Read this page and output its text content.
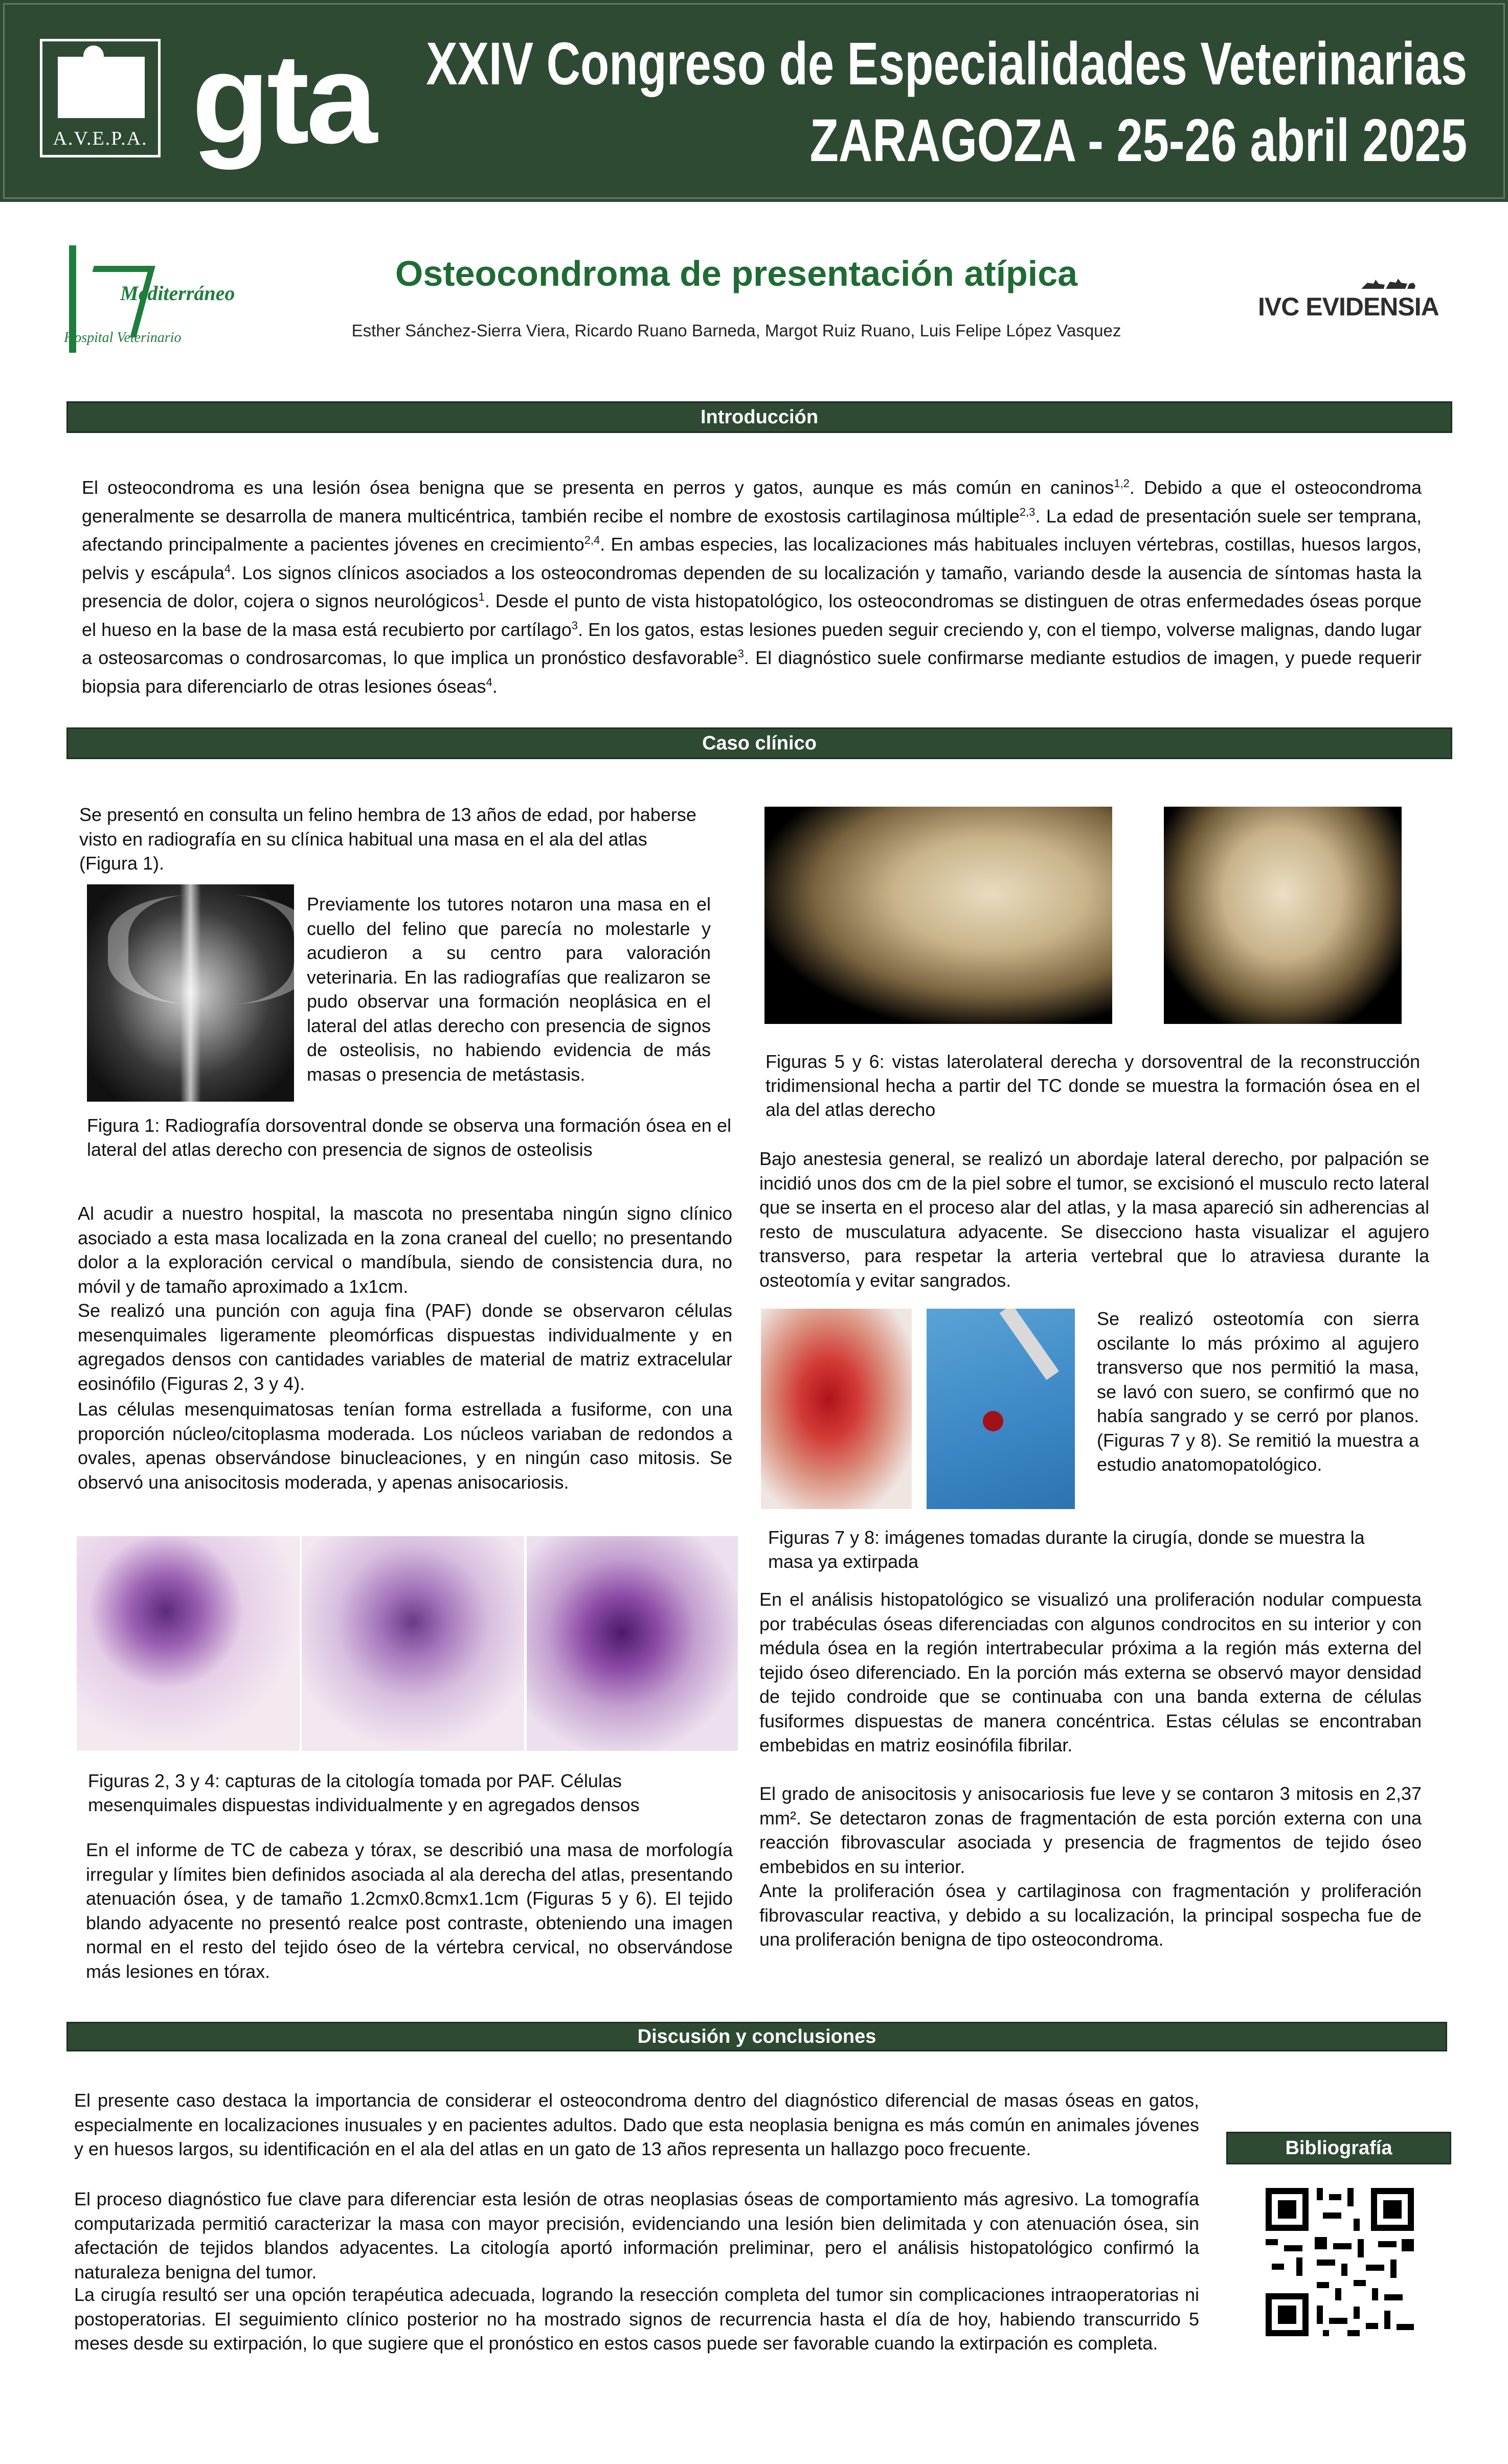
A.V.E.P.A. gta XXIV Congreso de Especialidades Veterinarias
ZARAGOZA - 25-26 abril 2025
Mediterráneo
Hospital Veterinario
IVC EVIDENSIA
Osteocondroma de presentación atípica
Esther Sánchez-Sierra Viera, Ricardo Ruano Barneda, Margot Ruiz Ruano, Luis Felipe López Vasquez
Introducción
El osteocondroma es una lesión ósea benigna que se presenta en perros y gatos, aunque es más común en caninos$^{1,2}$. Debido a que el osteocondroma generalmente se desarrolla de manera multicéntrica, también recibe el nombre de exostosis cartilaginosa múltiple$^{2,3}$. La edad de presentación suele ser temprana, afectando principalmente a pacientes jóvenes en crecimiento$^{2,4}$. En ambas especies, las localizaciones más habituales incluyen vértebras, costillas, huesos largos, pelvis y escápula$^4$. Los signos clínicos asociados a los osteocondromas dependen de su localización y tamaño, variando desde la ausencia de síntomas hasta la presencia de dolor, cojera o signos neurológicos$^1$. Desde el punto de vista histopatológico, los osteocondromas se distinguen de otras enfermedades óseas porque el hueso en la base de la masa está recubierto por cartílago$^3$. En los gatos, estas lesiones pueden seguir creciendo y, con el tiempo, volverse malignas, dando lugar a osteosarcomas o condrosarcomas, lo que implica un pronóstico desfavorable$^3$. El diagnóstico suele confirmarse mediante estudios de imagen, y puede requerir biopsia para diferenciarlo de otras lesiones óseas$^4$.
Caso clínico
Se presentó en consulta un felino hembra de 13 años de edad, por haberse visto en radiografía en su clínica habitual una masa en el ala del atlas (Figura 1).
Previamente los tutores notaron una masa en el cuello del felino que parecía no molestarle y acudieron a su centro para valoración veterinaria. En las radiografías que realizaron se pudo observar una formación neoplásica en el lateral del atlas derecho con presencia de signos de osteolisis, no habiendo evidencia de más masas o presencia de metástasis.
Figura 1: Radiografía dorsoventral donde se observa una formación ósea en el lateral del atlas derecho con presencia de signos de osteolisis
Al acudir a nuestro hospital, la mascota no presentaba ningún signo clínico asociado a esta masa localizada en la zona craneal del cuello; no presentando dolor a la exploración cervical o mandíbula, siendo de consistencia dura, no móvil y de tamaño aproximado a 1x1cm.
Se realizó una punción con aguja fina (PAF) donde se observaron células mesenquimales ligeramente pleomórficas dispuestas individualmente y en agregados densos con cantidades variables de material de matriz extracelular eosinófilo (Figuras 2, 3 y 4).
Las células mesenquimatosas tenían forma estrellada a fusiforme, con una proporción núcleo/citoplasma moderada. Los núcleos variaban de redondos a ovales, apenas observándose binucleaciones, y en ningún caso mitosis. Se observó una anisocitosis moderada, y apenas anisocariosis.
Figuras 2, 3 y 4: capturas de la citología tomada por PAF. Células mesenquimales dispuestas individualmente y en agregados densos
En el informe de TC de cabeza y tórax, se describió una masa de morfología irregular y límites bien definidos asociada al ala derecha del atlas, presentando atenuación ósea, y de tamaño 1.2cmx0.8cmx1.1cm (Figuras 5 y 6). El tejido blando adyacente no presentó realce post contraste, obteniendo una imagen normal en el resto del tejido óseo de la vértebra cervical, no observándose más lesiones en tórax.
Figuras 5 y 6: vistas laterolateral derecha y dorsoventral de la reconstrucción tridimensional hecha a partir del TC donde se muestra la formación ósea en el ala del atlas derecho
Bajo anestesia general, se realizó un abordaje lateral derecho, por palpación se incidió unos dos cm de la piel sobre el tumor, se excisionó el musculo recto lateral que se inserta en el proceso alar del atlas, y la masa apareció sin adherencias al resto de musculatura adyacente. Se disecciono hasta visualizar el agujero transverso, para respetar la arteria vertebral que lo atraviesa durante la osteotomía y evitar sangrados.
Se realizó osteotomía con sierra oscilante lo más próximo al agujero transverso que nos permitió la masa, se lavó con suero, se confirmó que no había sangrado y se cerró por planos. (Figuras 7 y 8). Se remitió la muestra a estudio anatomopatológico.
Figuras 7 y 8: imágenes tomadas durante la cirugía, donde se muestra la masa ya extirpada
En el análisis histopatológico se visualizó una proliferación nodular compuesta por trabéculas óseas diferenciadas con algunos condrocitos en su interior y con médula ósea en la región intertrabecular próxima a la región más externa del tejido óseo diferenciado. En la porción más externa se observó mayor densidad de tejido condroide que se continuaba con una banda externa de células fusiformes dispuestas de manera concéntrica. Estas células se encontraban embebidas en matriz eosinófila fibrilar.
El grado de anisocitosis y anisocariosis fue leve y se contaron 3 mitosis en 2,37 mm². Se detectaron zonas de fragmentación de esta porción externa con una reacción fibrovascular asociada y presencia de fragmentos de tejido óseo embebidos en su interior.
Ante la proliferación ósea y cartilaginosa con fragmentación y proliferación fibrovascular reactiva, y debido a su localización, la principal sospecha fue de una proliferación benigna de tipo osteocondroma.
Discusión y conclusiones
El presente caso destaca la importancia de considerar el osteocondroma dentro del diagnóstico diferencial de masas óseas en gatos, especialmente en localizaciones inusuales y en pacientes adultos. Dado que esta neoplasia benigna es más común en animales jóvenes y en huesos largos, su identificación en el ala del atlas en un gato de 13 años representa un hallazgo poco frecuente.
El proceso diagnóstico fue clave para diferenciar esta lesión de otras neoplasias óseas de comportamiento más agresivo. La tomografía computarizada permitió caracterizar la masa con mayor precisión, evidenciando una lesión bien delimitada y con atenuación ósea, sin afectación de tejidos blandos adyacentes. La citología aportó información preliminar, pero el análisis histopatológico confirmó la naturaleza benigna del tumor.
La cirugía resultó ser una opción terapéutica adecuada, logrando la resección completa del tumor sin complicaciones intraoperatorias ni postoperatorias. El seguimiento clínico posterior no ha mostrado signos de recurrencia hasta el día de hoy, habiendo transcurrido 5 meses desde su extirpación, lo que sugiere que el pronóstico en estos casos puede ser favorable cuando la extirpación es completa.
Bibliografía
